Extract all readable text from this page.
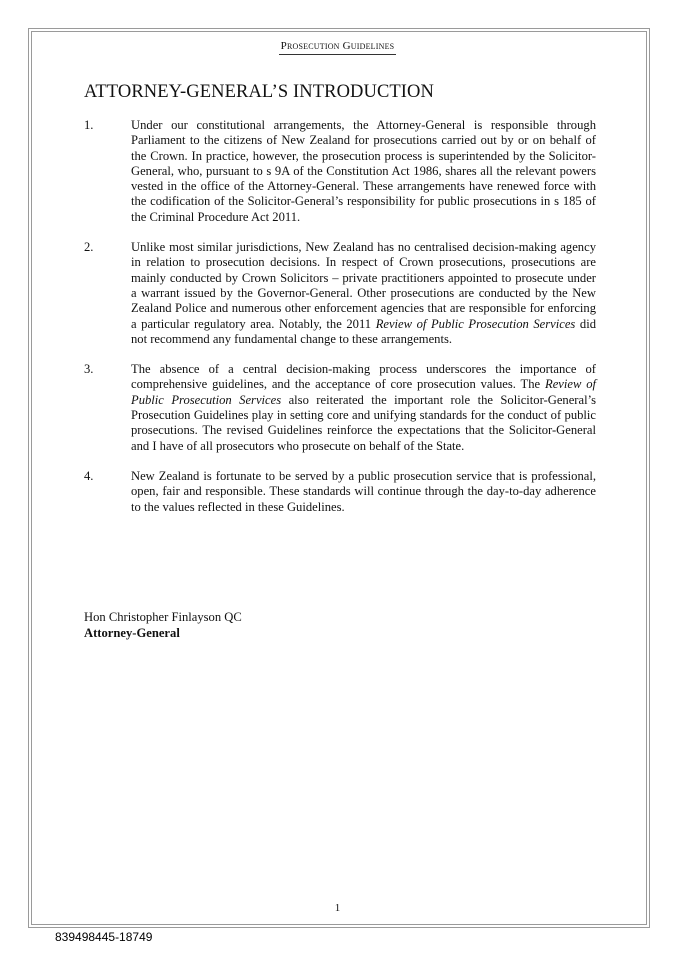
Prosecution Guidelines
ATTORNEY-GENERAL’S INTRODUCTION
1.	Under our constitutional arrangements, the Attorney-General is responsible through Parliament to the citizens of New Zealand for prosecutions carried out by or on behalf of the Crown. In practice, however, the prosecution process is superintended by the Solicitor-General, who, pursuant to s 9A of the Constitution Act 1986, shares all the relevant powers vested in the office of the Attorney-General. These arrangements have renewed force with the codification of the Solicitor-General’s responsibility for public prosecutions in s 185 of the Criminal Procedure Act 2011.
2.	Unlike most similar jurisdictions, New Zealand has no centralised decision-making agency in relation to prosecution decisions. In respect of Crown prosecutions, prosecutions are mainly conducted by Crown Solicitors – private practitioners appointed to prosecute under a warrant issued by the Governor-General. Other prosecutions are conducted by the New Zealand Police and numerous other enforcement agencies that are responsible for enforcing a particular regulatory area. Notably, the 2011 Review of Public Prosecution Services did not recommend any fundamental change to these arrangements.
3.	The absence of a central decision-making process underscores the importance of comprehensive guidelines, and the acceptance of core prosecution values. The Review of Public Prosecution Services also reiterated the important role the Solicitor-General’s Prosecution Guidelines play in setting core and unifying standards for the conduct of public prosecutions. The revised Guidelines reinforce the expectations that the Solicitor-General and I have of all prosecutors who prosecute on behalf of the State.
4.	New Zealand is fortunate to be served by a public prosecution service that is professional, open, fair and responsible. These standards will continue through the day-to-day adherence to the values reflected in these Guidelines.
Hon Christopher Finlayson QC
Attorney-General
1
839498445-18749
